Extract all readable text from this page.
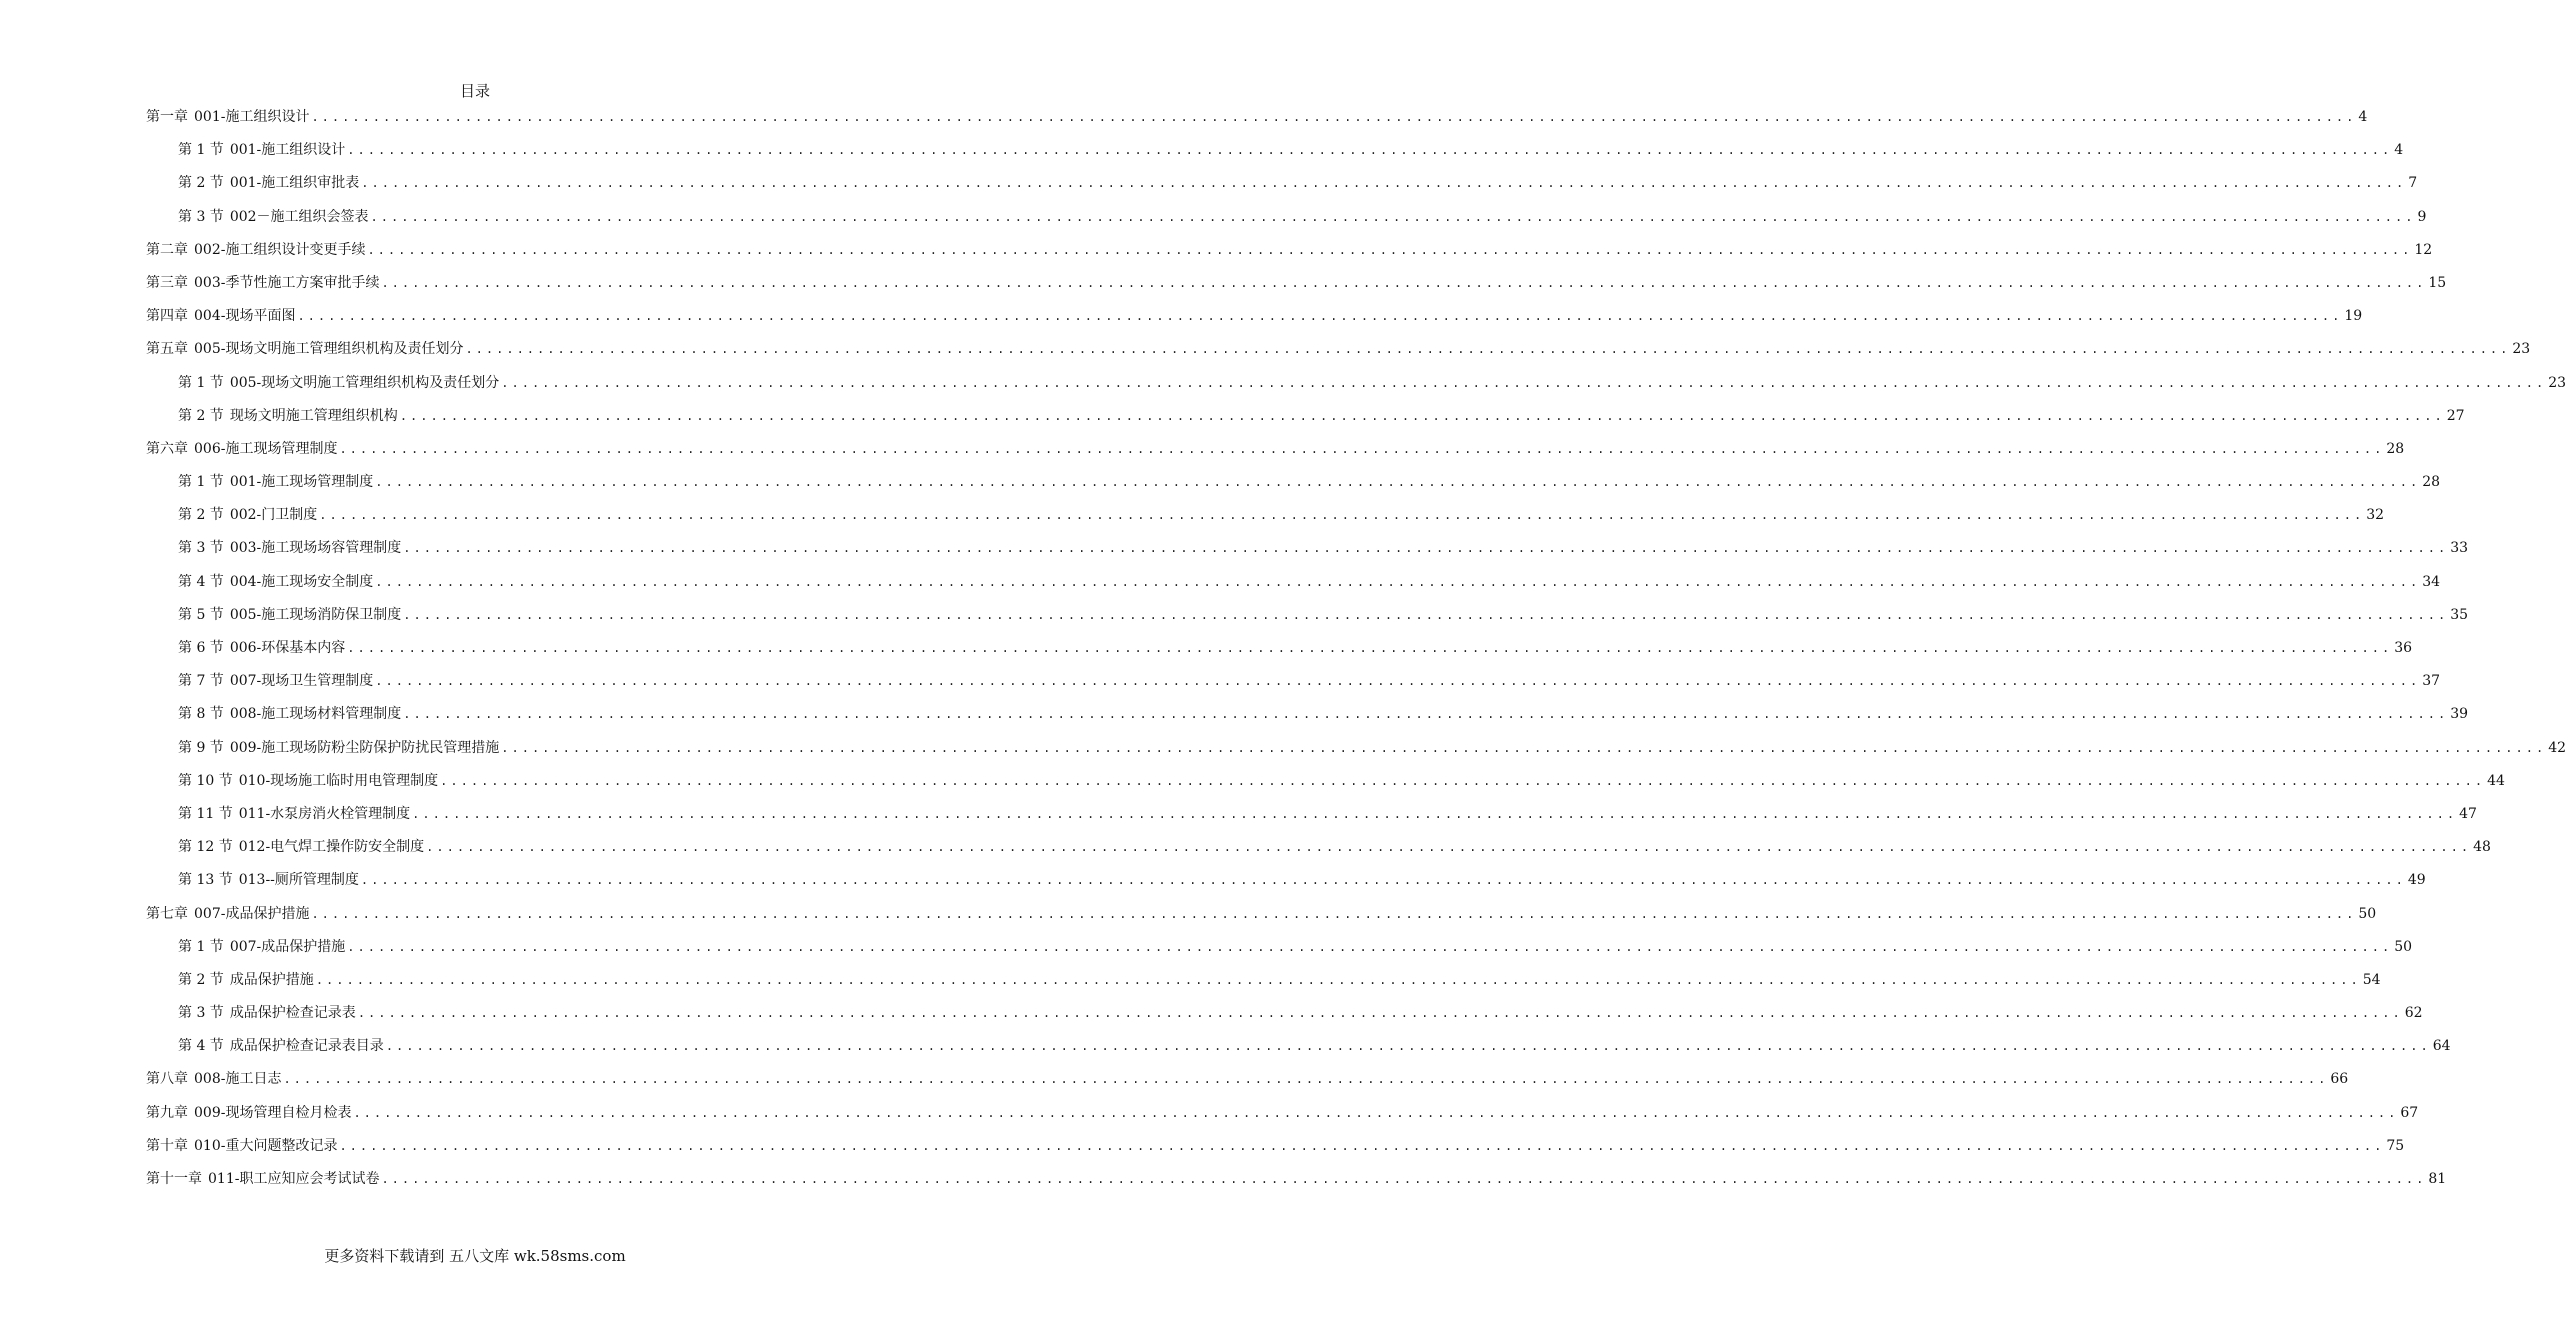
目录
第一章 001-施工组织设计 ........................................................................................................................................................................................................ 4
第 1 节 001-施工组织设计 ........................................................................................................................................................................................................ 4
第 2 节 001-施工组织审批表 ........................................................................................................................................................................................................ 7
第 3 节 002－施工组织会签表 ........................................................................................................................................................................................................ 9
第二章 002-施工组织设计变更手续 ........................................................................................................................................................................................................ 12
第三章 003-季节性施工方案审批手续 ........................................................................................................................................................................................................ 15
第四章 004-现场平面图 ........................................................................................................................................................................................................ 19
第五章 005-现场文明施工管理组织机构及责任划分 ........................................................................................................................................................................................................ 23
第 1 节 005-现场文明施工管理组织机构及责任划分 ........................................................................................................................................................................................................ 23
第 2 节 现场文明施工管理组织机构 ........................................................................................................................................................................................................ 27
第六章 006-施工现场管理制度 ........................................................................................................................................................................................................ 28
第 1 节 001-施工现场管理制度 ........................................................................................................................................................................................................ 28
第 2 节 002-门卫制度 ........................................................................................................................................................................................................ 32
第 3 节 003-施工现场场容管理制度 ........................................................................................................................................................................................................ 33
第 4 节 004-施工现场安全制度 ........................................................................................................................................................................................................ 34
第 5 节 005-施工现场消防保卫制度 ........................................................................................................................................................................................................ 35
第 6 节 006-环保基本内容 ........................................................................................................................................................................................................ 36
第 7 节 007-现场卫生管理制度 ........................................................................................................................................................................................................ 37
第 8 节 008-施工现场材料管理制度 ........................................................................................................................................................................................................ 39
第 9 节 009-施工现场防粉尘防保护防扰民管理措施 ........................................................................................................................................................................................................ 42
第 10 节 010-现场施工临时用电管理制度 ........................................................................................................................................................................................................ 44
第 11 节 011-水泵房消火栓管理制度 ........................................................................................................................................................................................................ 47
第 12 节 012-电气焊工操作防安全制度 ........................................................................................................................................................................................................ 48
第 13 节 013--厕所管理制度 ........................................................................................................................................................................................................ 49
第七章 007-成品保护措施 ........................................................................................................................................................................................................ 50
第 1 节 007-成品保护措施 ........................................................................................................................................................................................................ 50
第 2 节 成品保护措施 ........................................................................................................................................................................................................ 54
第 3 节 成品保护检查记录表 ........................................................................................................................................................................................................ 62
第 4 节 成品保护检查记录表目录 ........................................................................................................................................................................................................ 64
第八章 008-施工日志 ........................................................................................................................................................................................................ 66
第九章 009-现场管理自检月检表 ........................................................................................................................................................................................................ 67
第十章 010-重大问题整改记录 ........................................................................................................................................................................................................ 75
第十一章 011-职工应知应会考试试卷 ........................................................................................................................................................................................................ 81
更多资料下载请到 五八文库 wk.58sms.com
